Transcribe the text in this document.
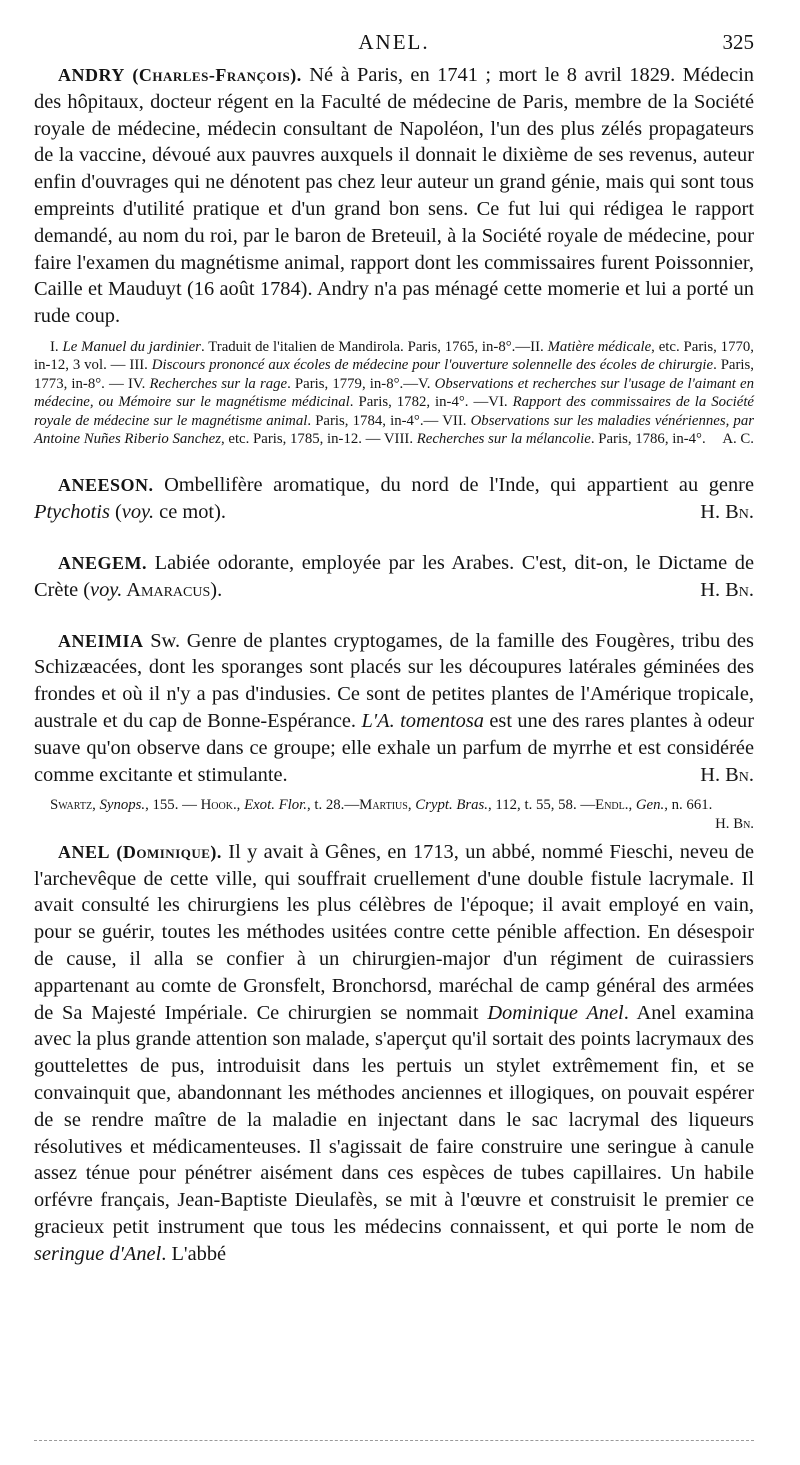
ANEL.	325

ANDRY (Charles-François). Né à Paris, en 1741 ; mort le 8 avril 1829. Médecin des hôpitaux, docteur régent en la Faculté de médecine de Paris, membre de la Société royale de médecine, médecin consultant de Napoléon, l'un des plus zélés propagateurs de la vaccine, dévoué aux pauvres auxquels il donnait le dixième de ses revenus, auteur enfin d'ouvrages qui ne dénotent pas chez leur auteur un grand génie, mais qui sont tous empreints d'utilité pratique et d'un grand bon sens. Ce fut lui qui rédigea le rapport demandé, au nom du roi, par le baron de Breteuil, à la Société royale de médecine, pour faire l'examen du magnétisme animal, rapport dont les commissaires furent Poissonnier, Caille et Mauduyt (16 août 1784). Andry n'a pas ménagé cette momerie et lui a porté un rude coup.

I. Le Manuel du jardinier. Traduit de l'italien de Mandirola. Paris, 1765, in-8°.—II. Matière médicale, etc. Paris, 1770, in-12, 3 vol. — III. Discours prononcé aux écoles de médecine pour l'ouverture solennelle des écoles de chirurgie. Paris, 1773, in-8°. — IV. Recherches sur la rage. Paris, 1779, in-8°.—V. Observations et recherches sur l'usage de l'aimant en médecine, ou Mémoire sur le magnétisme médicinal. Paris, 1782, in-4°. —VI. Rapport des commissaires de la Société royale de médecine sur le magnétisme animal. Paris, 1784, in-4°.— VII. Observations sur les maladies vénériennes, par Antoine Nuñes Riberio Sanchez, etc. Paris, 1785, in-12. — VIII. Recherches sur la mélancolie. Paris, 1786, in-4°.	A. C.

ANEESON. Ombellifère aromatique, du nord de l'Inde, qui appartient au genre Ptychotis (voy. ce mot).	H. Bn.

ANEGEM. Labiée odorante, employée par les Arabes. C'est, dit-on, le Dictame de Crète (voy. Amaracus).	H. Bn.

ANEIMIA Sw. Genre de plantes cryptogames, de la famille des Fougères, tribu des Schizæacées, dont les sporanges sont placés sur les découpures latérales géminées des frondes et où il n'y a pas d'indusies. Ce sont de petites plantes de l'Amérique tropicale, australe et du cap de Bonne-Espérance. L'A. tomentosa est une des rares plantes à odeur suave qu'on observe dans ce groupe; elle exhale un parfum de myrrhe et est considérée comme excitante et stimulante.	H. Bn.

Swartz, Synops., 155. — Hook., Exot. Flor., t. 28.—Martius, Crypt. Bras., 112, t. 55, 58. —Endl., Gen., n. 661.
H. Bn.

ANEL (Dominique). Il y avait à Gênes, en 1713, un abbé, nommé Fieschi, neveu de l'archevêque de cette ville, qui souffrait cruellement d'une double fistule lacrymale. Il avait consulté les chirurgiens les plus célèbres de l'époque; il avait employé en vain, pour se guérir, toutes les méthodes usitées contre cette pénible affection. En désespoir de cause, il alla se confier à un chirurgien-major d'un régiment de cuirassiers appartenant au comte de Gronsfelt, Bronchorsd, maréchal de camp général des armées de Sa Majesté Impériale. Ce chirurgien se nommait Dominique Anel. Anel examina avec la plus grande attention son malade, s'aperçut qu'il sortait des points lacrymaux des gouttelettes de pus, introduisit dans les pertuis un stylet extrêmement fin, et se convainquit que, abandonnant les méthodes anciennes et illogiques, on pouvait espérer de se rendre maître de la maladie en injectant dans le sac lacrymal des liqueurs résolutives et médicamenteuses. Il s'agissait de faire construire une seringue à canule assez ténue pour pénétrer aisément dans ces espèces de tubes capillaires. Un habile orfévre français, Jean-Baptiste Dieulafès, se mit à l'œuvre et construisit le premier ce gracieux petit instrument que tous les médecins connaissent, et qui porte le nom de seringue d'Anel. L'abbé
